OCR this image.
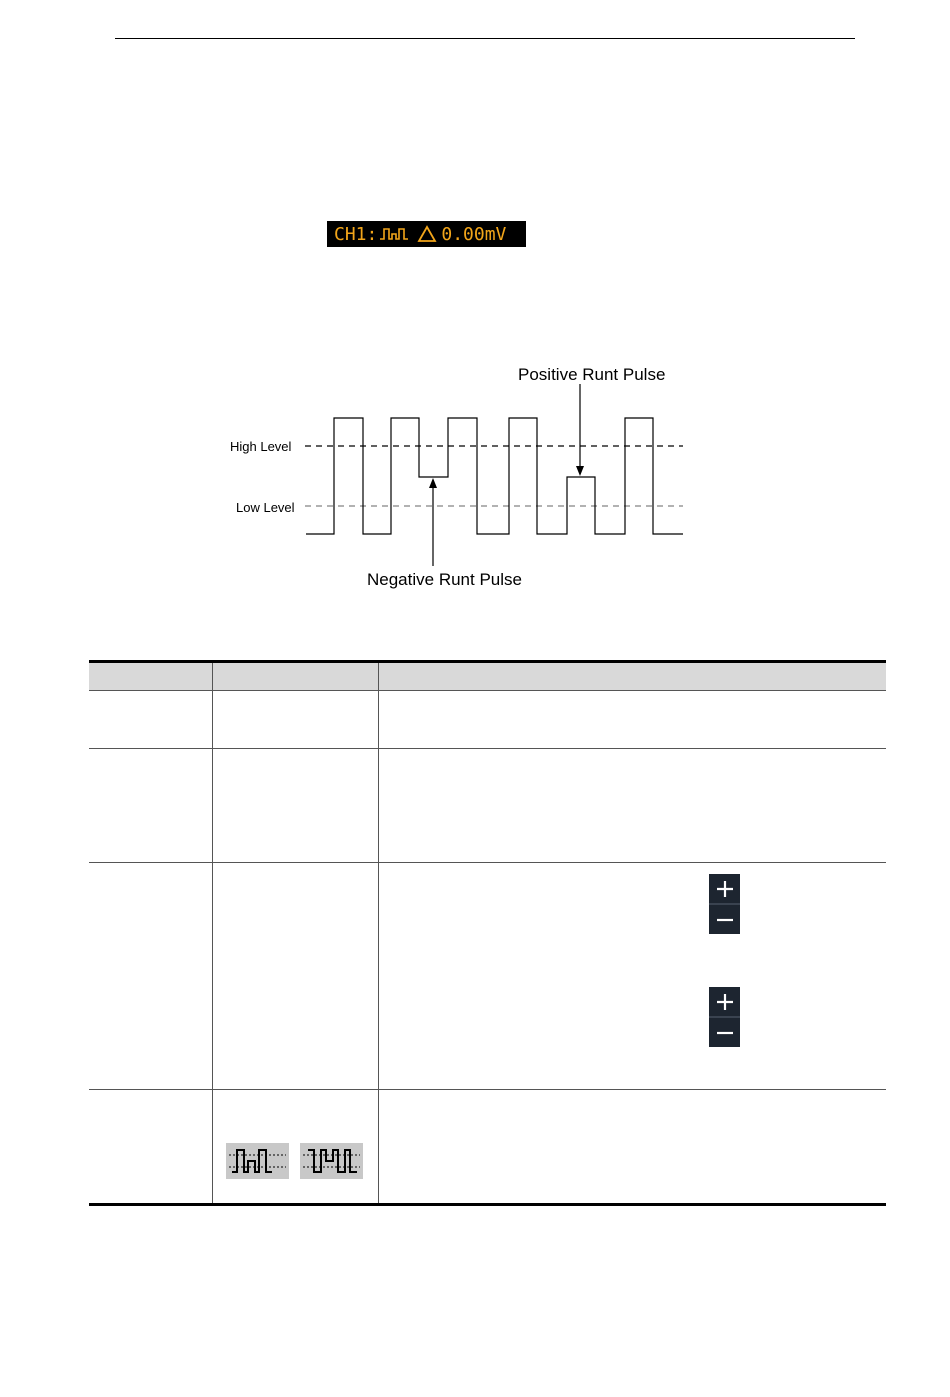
CH1:	0.00mV
Positive Runt Pulse
Negative Runt Pulse
High Level
Low Level
